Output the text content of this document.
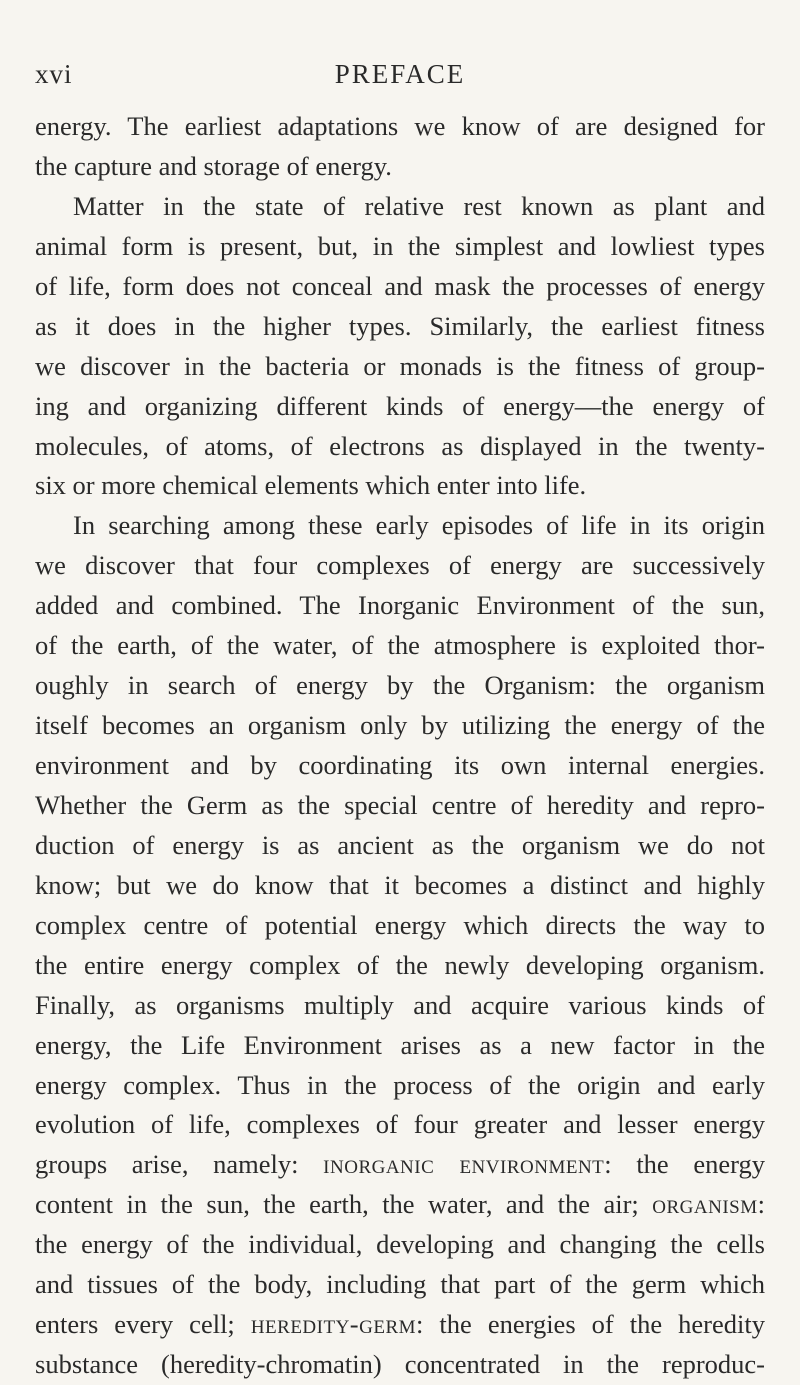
xvi	PREFACE
energy. The earliest adaptations we know of are designed for
the capture and storage of energy.
Matter in the state of relative rest known as plant and
animal form is present, but, in the simplest and lowliest types
of life, form does not conceal and mask the processes of energy
as it does in the higher types. Similarly, the earliest fitness
we discover in the bacteria or monads is the fitness of group-
ing and organizing different kinds of energy—the energy of
molecules, of atoms, of electrons as displayed in the twenty-
six or more chemical elements which enter into life.
In searching among these early episodes of life in its origin
we discover that four complexes of energy are successively
added and combined. The Inorganic Environment of the sun,
of the earth, of the water, of the atmosphere is exploited thor-
oughly in search of energy by the Organism: the organism
itself becomes an organism only by utilizing the energy of the
environment and by coordinating its own internal energies.
Whether the Germ as the special centre of heredity and repro-
duction of energy is as ancient as the organism we do not
know; but we do know that it becomes a distinct and highly
complex centre of potential energy which directs the way to
the entire energy complex of the newly developing organism.
Finally, as organisms multiply and acquire various kinds of
energy, the Life Environment arises as a new factor in the
energy complex. Thus in the process of the origin and early
evolution of life, complexes of four greater and lesser energy
groups arise, namely: inorganic environment: the energy
content in the sun, the earth, the water, and the air; organism:
the energy of the individual, developing and changing the cells
and tissues of the body, including that part of the germ which
enters every cell; heredity-germ: the energies of the heredity
substance (heredity-chromatin) concentrated in the reproduc-
